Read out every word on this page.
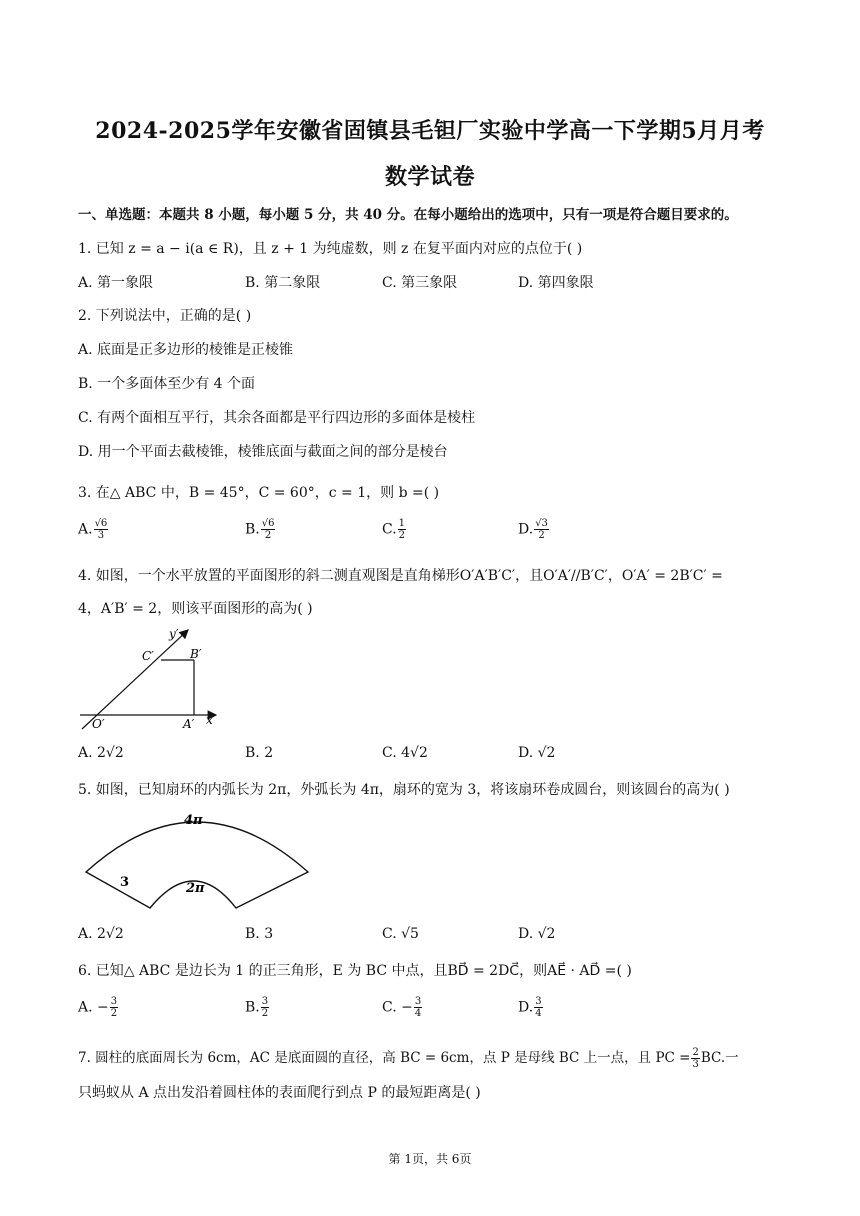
2024-2025学年安徽省固镇县毛钽厂实验中学高一下学期5月月考
数学试卷
一、单选题：本题共 8 小题，每小题 5 分，共 40 分。在每小题给出的选项中，只有一项是符合题目要求的。
1. 已知 z = a − i(a ∈ R)，且 z + 1 为纯虚数，则 z 在复平面内对应的点位于( )
A. 第一象限	B. 第二象限	C. 第三象限	D. 第四象限
2. 下列说法中，正确的是( )
A. 底面是正多边形的棱锥是正棱锥
B. 一个多面体至少有 4 个面
C. 有两个面相互平行，其余各面都是平行四边形的多面体是棱柱
D. 用一个平面去截棱锥，棱锥底面与截面之间的部分是棱台
3. 在△ ABC 中，B = 45°，C = 60°，c = 1，则 b =( )
A. $\frac{√6}{3}$	B. $\frac{√6}{2}$	C. $\frac{1}{2}$	D. $\frac{√3}{2}$
4. 如图，一个水平放置的平面图形的斜二测直观图是直角梯形O′A′B′C′，且O′A′//B′C′，O′A′ = 2B′C′ =
4，A′B′ = 2，则该平面图形的高为( )
y′
C′	B′
O′	A′ x′
A. 2√2	B. 2	C. 4√2	D. √2
5. 如图，已知扇环的内弧长为 2π，外弧长为 4π，扇环的宽为 3，将该扇环卷成圆台，则该圆台的高为( )
4π
2π
3
A. 2√2	B. 3	C. √5	D. √2
6. 已知△ ABC 是边长为 1 的正三角形，E 为 BC 中点，且BD⃗ = 2DC⃗，则AE⃗ · AD⃗ =( )
A. − $\frac{3}{2}$	B. $\frac{3}{2}$	C. − $\frac{3}{4}$	D. $\frac{3}{4}$
7. 圆柱的底面周长为 6cm，AC 是底面圆的直径，高 BC = 6cm，点 P 是母线 BC 上一点，且 PC = $\frac{2}{3}$ BC.一
只蚂蚁从 A 点出发沿着圆柱体的表面爬行到点 P 的最短距离是( )
第 1页，共 6页
